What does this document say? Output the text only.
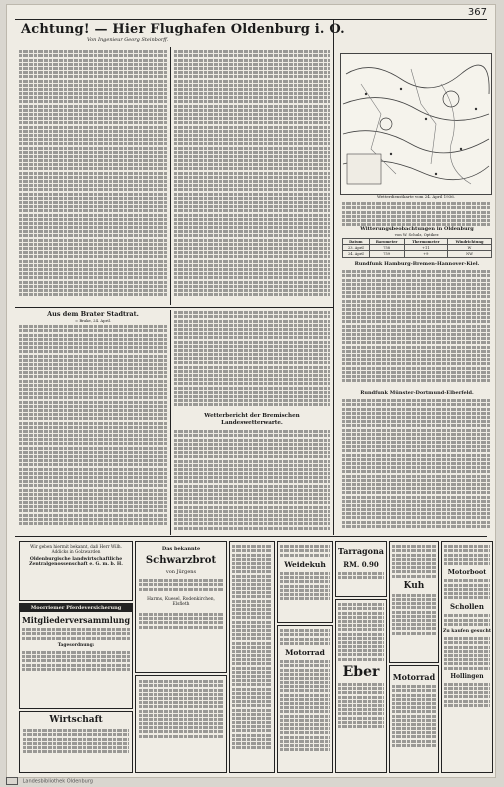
367
Achtung! — Hier Flughafen Oldenburg i. O.
Von Ingenieur Georg Steinborff.
Wetterdienstkarte vom 24. April 1936.
Witterungsbeobachtungen in Oldenburg
von W. Schulz, Optiker.
Datum	Barometer	Thermometer	Windrichtung
23. April	758	+11	W
24. April	759	+9	NW
Rundfunk Hamburg-Bremen-Hannover-Kiel.
Rundfunk Münster-Dortmund-Elberfeld.
Aus dem Brater Stadtrat.
= Brake, 24. April.
Wetterbericht der Bremischen Landeswetterwarte.
Wir geben hiermit bekannt, daß Herr Wilh. Addicks in Golzwarden
Oldenburgische landwirtschaftliche Zentralgenossenschaft e. G. m. b. H.
Moorriemer Pferdeversicherung
Mitgliederversammlung
Tagesordnung:
Wirtschaft
Das bekannte
Schwarzbrot
von Jürgens
Harms, Kuesel, Rodenkirchen, Elsfleth
Weidekuh
Motorrad
Tarragona
RM. 0.90
Eber
Kuh
Motorrad
Motorboot
Schollen
Zu kaufen gesucht
Hollingen
Landesbibliothek Oldenburg
